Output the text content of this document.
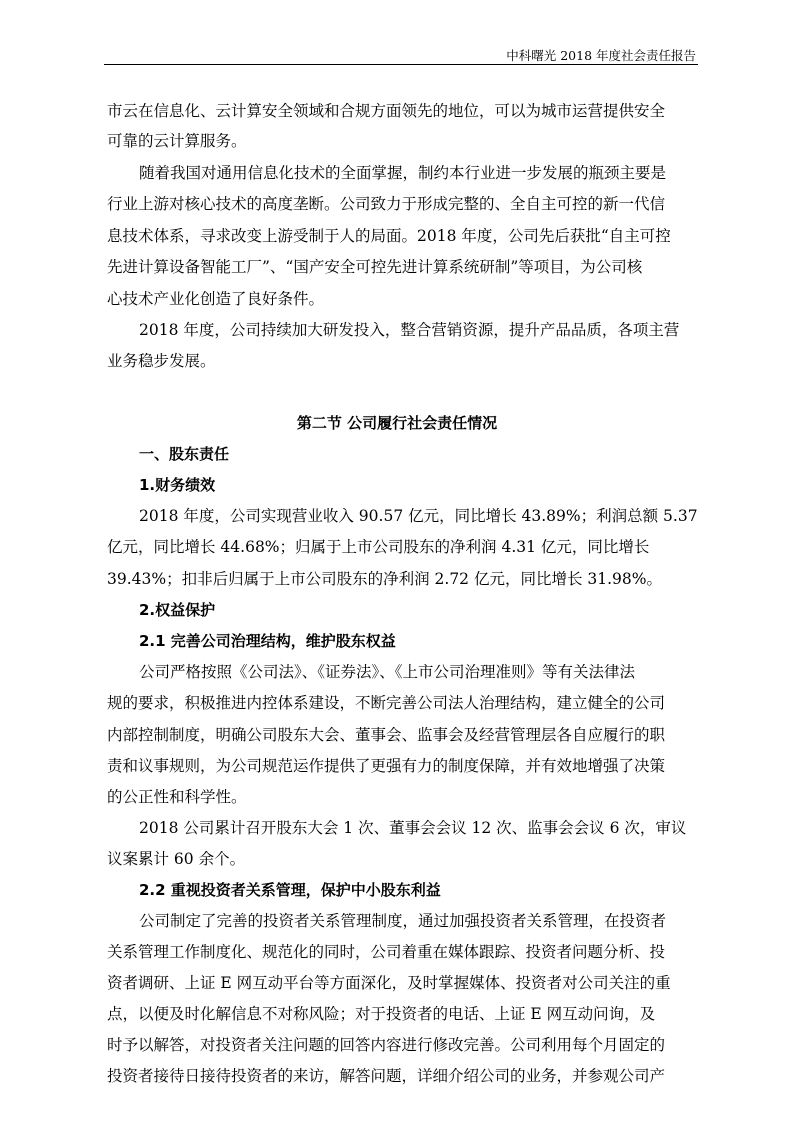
中科曙光 2018 年度社会责任报告
市云在信息化、云计算安全领域和合规方面领先的地位，可以为城市运营提供安全
可靠的云计算服务。
随着我国对通用信息化技术的全面掌握，制约本行业进一步发展的瓶颈主要是
行业上游对核心技术的高度垄断。公司致力于形成完整的、全自主可控的新一代信
息技术体系，寻求改变上游受制于人的局面。2018 年度，公司先后获批“自主可控
先进计算设备智能工厂”、“国产安全可控先进计算系统研制”等项目，为公司核
心技术产业化创造了良好条件。
2018 年度，公司持续加大研发投入，整合营销资源，提升产品品质，各项主营
业务稳步发展。
第二节 公司履行社会责任情况
一、股东责任
1.财务绩效
2018 年度，公司实现营业收入 90.57 亿元，同比增长 43.89%；利润总额 5.37
亿元，同比增长 44.68%；归属于上市公司股东的净利润 4.31 亿元，同比增长
39.43%；扣非后归属于上市公司股东的净利润 2.72 亿元，同比增长 31.98%。
2.权益保护
2.1 完善公司治理结构，维护股东权益
公司严格按照《公司法》、《证券法》、《上市公司治理准则》等有关法律法
规的要求，积极推进内控体系建设，不断完善公司法人治理结构，建立健全的公司
内部控制制度，明确公司股东大会、董事会、监事会及经营管理层各自应履行的职
责和议事规则，为公司规范运作提供了更强有力的制度保障，并有效地增强了决策
的公正性和科学性。
2018 公司累计召开股东大会 1 次、董事会会议 12 次、监事会会议 6 次，审议
议案累计 60 余个。
2.2 重视投资者关系管理，保护中小股东利益
公司制定了完善的投资者关系管理制度，通过加强投资者关系管理，在投资者
关系管理工作制度化、规范化的同时，公司着重在媒体跟踪、投资者问题分析、投
资者调研、上证 E 网互动平台等方面深化，及时掌握媒体、投资者对公司关注的重
点，以便及时化解信息不对称风险；对于投资者的电话、上证 E 网互动问询，及
时予以解答，对投资者关注问题的回答内容进行修改完善。公司利用每个月固定的
投资者接待日接待投资者的来访，解答问题，详细介绍公司的业务，并参观公司产
